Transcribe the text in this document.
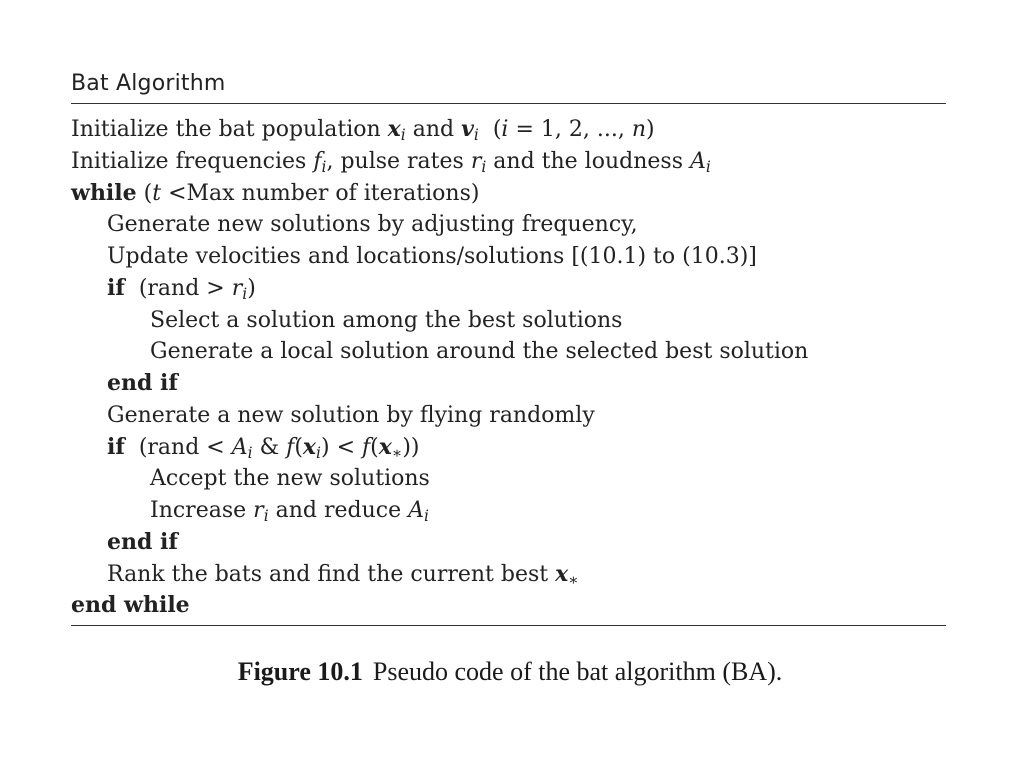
Bat Algorithm
Initialize the bat population $x_i$ and $v_i$ (i = 1, 2, ..., n)
Initialize frequencies $f_i$, pulse rates $r_i$ and the loudness $A_i$
while (t <Max number of iterations)
Generate new solutions by adjusting frequency,
Update velocities and locations/solutions [(10.1) to (10.3)]
if (rand > $r_i$)
Select a solution among the best solutions
Generate a local solution around the selected best solution
end if
Generate a new solution by flying randomly
if (rand < $A_i$ & $f(x_i) < f(x_∗)$)
Accept the new solutions
Increase $r_i$ and reduce $A_i$
end if
Rank the bats and find the current best $x_∗$
end while
Figure 10.1 Pseudo code of the bat algorithm (BA).
